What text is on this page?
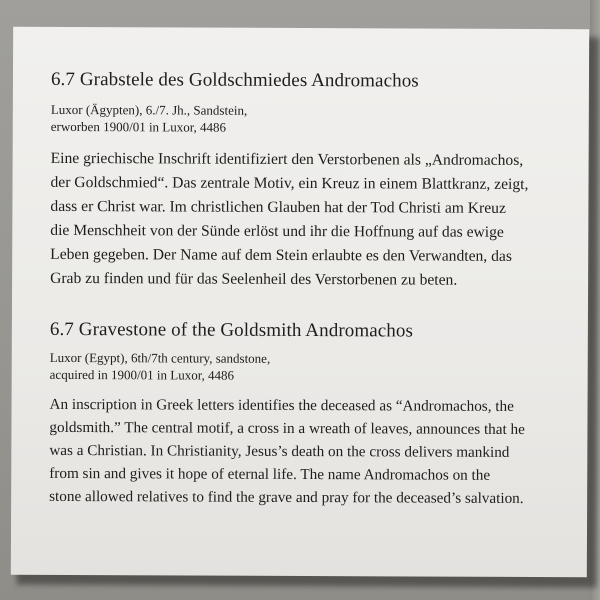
6.7 Grabstele des Goldschmiedes Andromachos

Luxor (Ägypten), 6./7. Jh., Sandstein,
erworben 1900/01 in Luxor, 4486

Eine griechische Inschrift identifiziert den Verstorbenen als „Andromachos,
der Goldschmied“. Das zentrale Motiv, ein Kreuz in einem Blattkranz, zeigt,
dass er Christ war. Im christlichen Glauben hat der Tod Christi am Kreuz
die Menschheit von der Sünde erlöst und ihr die Hoffnung auf das ewige
Leben gegeben. Der Name auf dem Stein erlaubte es den Verwandten, das
Grab zu finden und für das Seelenheil des Verstorbenen zu beten.

6.7 Gravestone of the Goldsmith Andromachos

Luxor (Egypt), 6th/7th century, sandstone,
acquired in 1900/01 in Luxor, 4486

An inscription in Greek letters identifies the deceased as “Andromachos, the
goldsmith.” The central motif, a cross in a wreath of leaves, announces that he
was a Christian. In Christianity, Jesus’s death on the cross delivers mankind
from sin and gives it hope of eternal life. The name Andromachos on the
stone allowed relatives to find the grave and pray for the deceased’s salvation.
